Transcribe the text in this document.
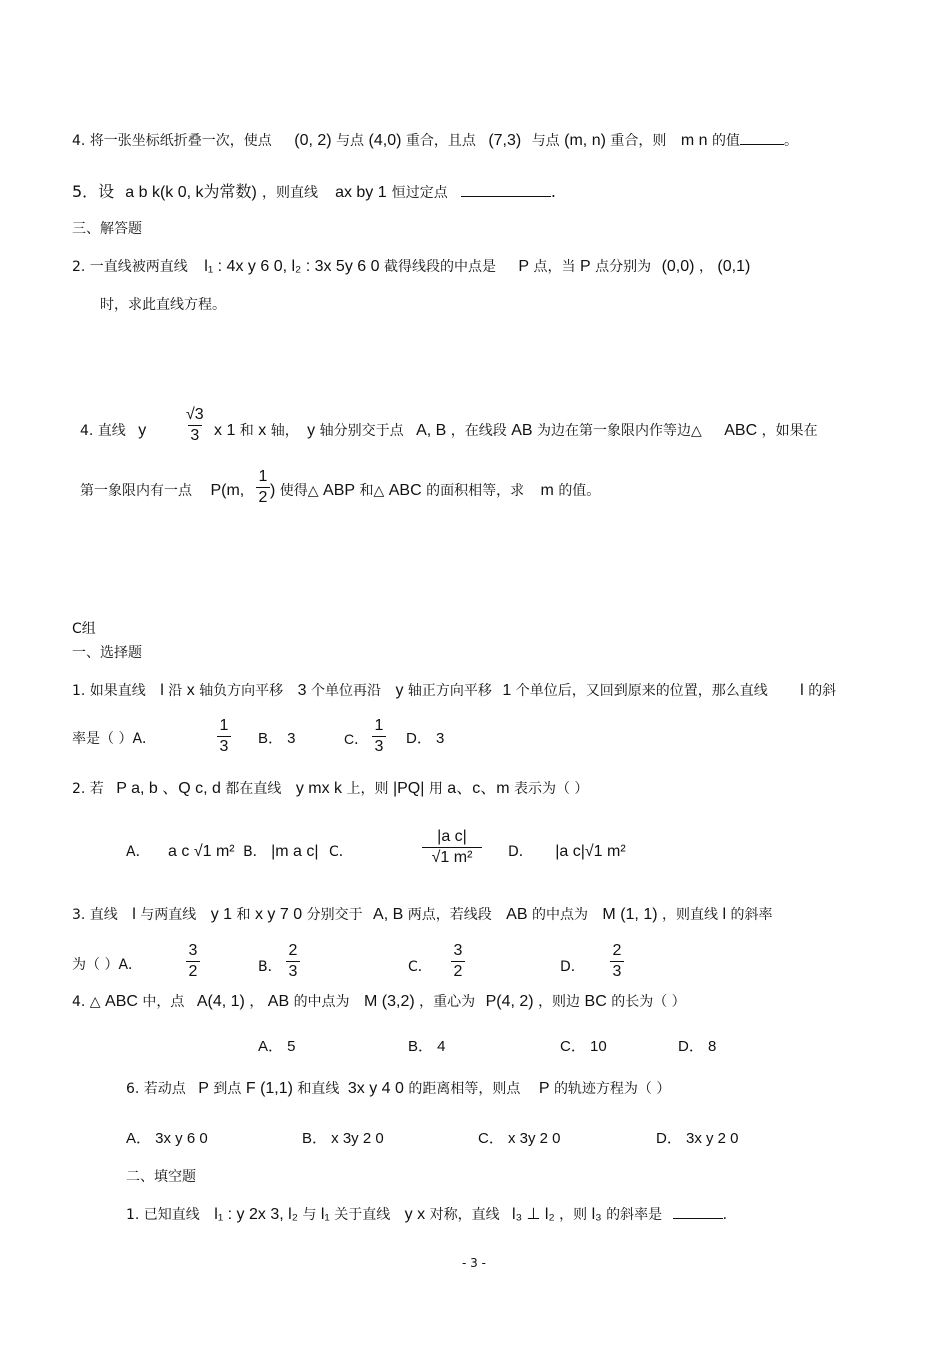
4. 将一张坐标纸折叠一次，使点 (0, 2) 与点 (4,0) 重合，且点 (7,3) 与点 (m, n) 重合，则 m n 的值	。
5．设 a b k(k 0, k为常数) ，则直线 ax by 1 恒过定点	.
三、解答题
2. 一直线被两直线 l₁ : 4x y 6 0, l₂ : 3x 5y 6 0 截得线段的中点是 P 点，当 P 点分别为 (0,0) ， (0,1)
时，求此直线方程。
4. 直线 y
√3
3 x 1 和 x 轴， y 轴分别交于点 A, B ，在线段 AB 为边在第一象限内作等边△ ABC ，如果在
第一象限内有一点 P(m,
1
2 ) 使得△ ABP 和△ ABC 的面积相等，求 m 的值。
C组
一、选择题
1. 如果直线 l 沿 x 轴负方向平移 3 个单位再沿 y 轴正方向平移 1 个单位后，又回到原来的位置，那么直线 l 的斜
率是（ ）A．
1
3 B． 3	C．
1
3 D． 3
2. 若 P a, b 、Q c, d 都在直线 y mx k 上，则 |PQ| 用 a、c、m 表示为（ ）
A． a c √1 m² B． |m a c| C．
|a c|
√1 m²	D． |a c|√1 m²
3. 直线 l 与两直线 y 1 和 x y 7 0 分别交于 A, B 两点，若线段 AB 的中点为 M (1, 1) ，则直线 l 的斜率
为（ ）A．
3
2	B．
2
3	C．
3
2	D．
2
3
4. △ ABC 中，点 A(4, 1) ， AB 的中点为 M (3,2) ，重心为 P(4, 2) ，则边 BC 的长为（ ）
A． 5	B． 4	C． 10	D． 8
6. 若动点 P 到点 F (1,1) 和直线 3x y 4 0 的距离相等，则点 P 的轨迹方程为（ ）
A． 3x y 6 0	B． x 3y 2 0	C． x 3y 2 0	D． 3x y 2 0
二、填空题
1. 已知直线 l₁ : y 2x 3, l₂ 与 l₁ 关于直线 y x 对称，直线 l₃ ⊥ l₂ ，则 l₃ 的斜率是	.
- 3 -
